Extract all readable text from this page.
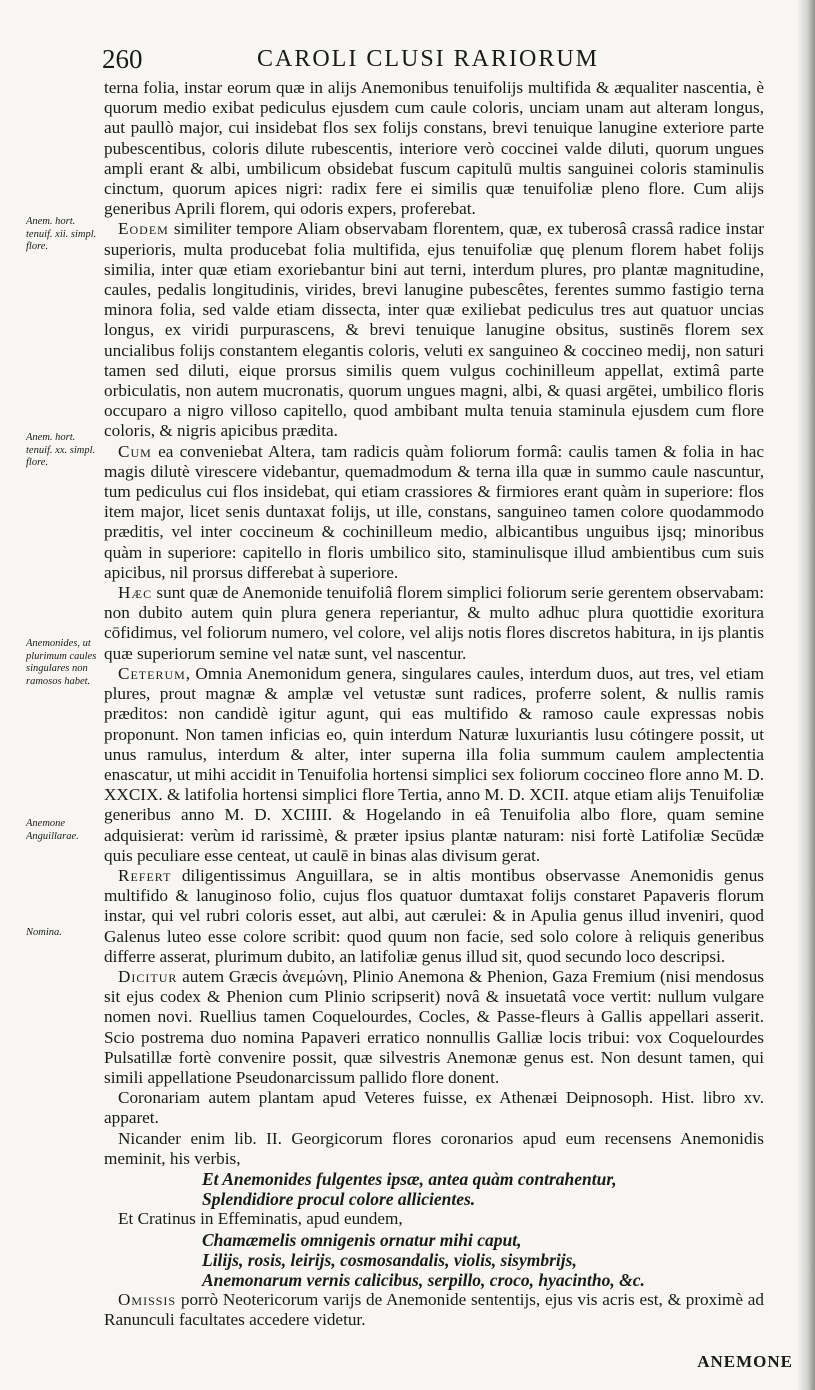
260	CAROLI CLUSI RARIORUM
Anem. hort. tenuif. xii. simpl. flore.
Anem. hort. tenuif. xx. simpl. flore.
Anemonides, ut plurimum caules singulares non ramosos habet.
Anemone Anguillarae.
Nomina.

terna folia, instar eorum quæ in alijs Anemonibus tenuifolijs multifida & æqualiter nascentia, è quorum medio exibat pediculus ejusdem cum caule coloris, unciam unam aut alteram longus, aut paullò major, cui insidebat flos sex folijs constans, brevi tenuique lanugine exteriore parte pubescentibus, coloris dilute rubescentis, interiore verò coccinei valde diluti, quorum ungues ampli erant & albi, umbilicum obsidebat fuscum capitulū multis sanguinei coloris staminulis cinctum, quorum apices nigri: radix fere ei similis quæ tenuifoliæ pleno flore. Cum alijs generibus Aprili florem, qui odoris expers, proferebat.

Eodem similiter tempore Aliam observabam florentem, quæ, ex tuberosâ crassâ radice instar superioris, multa producebat folia multifida, ejus tenuifoliæ quę plenum florem habet folijs similia, inter quæ etiam exoriebantur bini aut terni, interdum plures, pro plantæ magnitudine, caules, pedalis longitudinis, virides, brevi lanugine pubescêtes, ferentes summo fastigio terna minora folia, sed valde etiam dissecta, inter quæ exiliebat pediculus tres aut quatuor uncias longus, ex viridi purpurascens, & brevi tenuique lanugine obsitus, sustinēs florem sex uncialibus folijs constantem elegantis coloris, veluti ex sanguineo & coccineo medij, non saturi tamen sed diluti, eique prorsus similis quem vulgus cochinilleum appellat, extimâ parte orbiculatis, non autem mucronatis, quorum ungues magni, albi, & quasi argētei, umbilico floris occuparo a nigro villoso capitello, quod ambibant multa tenuia staminula ejusdem cum flore coloris, & nigris apicibus prædita.

Cum ea conveniebat Altera, tam radicis quàm foliorum formâ: caulis tamen & folia in hac magis dilutè virescere videbantur, quemadmodum & terna illa quæ in summo caule nascuntur, tum pediculus cui flos insidebat, qui etiam crassiores & firmiores erant quàm in superiore: flos item major, licet senis duntaxat folijs, ut ille, constans, sanguineo tamen colore quodammodo præditis, vel inter coccineum & cochinilleum medio, albicantibus unguibus ijsq; minoribus quàm in superiore: capitello in floris umbilico sito, staminulisque illud ambientibus cum suis apicibus, nil prorsus differebat à superiore.

Hæc sunt quæ de Anemonide tenuifoliâ florem simplici foliorum serie gerentem observabam: non dubito autem quin plura genera reperiantur, & multo adhuc plura quottidie exoritura cōfidimus, vel foliorum numero, vel colore, vel alijs notis flores discretos habitura, in ijs plantis quæ superiorum semine vel natæ sunt, vel nascentur.

Ceterum, Omnia Anemonidum genera, singulares caules, interdum duos, aut tres, vel etiam plures, prout magnæ & amplæ vel vetustæ sunt radices, proferre solent, & nullis ramis præditos: non candidè igitur agunt, qui eas multifido & ramoso caule expressas nobis proponunt. Non tamen inficias eo, quin interdum Naturæ luxuriantis lusu cótingere possit, ut unus ramulus, interdum & alter, inter superna illa folia summum caulem amplectentia enascatur, ut mihi accidit in Tenuifolia hortensi simplici sex foliorum coccineo flore anno M. D. XXCIX. & latifolia hortensi simplici flore Tertia, anno M. D. XCII. atque etiam alijs Tenuifoliæ generibus anno M. D. XCIIII. & Hogelando in eâ Tenuifolia albo flore, quam semine adquisierat: verùm id rarissimè, & præter ipsius plantæ naturam: nisi fortè Latifoliæ Secūdæ quis peculiare esse centeat, ut caulē in binas alas divisum gerat.

Refert diligentissimus Anguillara, se in altis montibus observasse Anemonidis genus multifido & lanuginoso folio, cujus flos quatuor dumtaxat folijs constaret Papaveris florum instar, qui vel rubri coloris esset, aut albi, aut cærulei: & in Apulia genus illud inveniri, quod Galenus luteo esse colore scribit: quod quum non facie, sed solo colore à reliquis generibus differre asserat, plurimum dubito, an latifoliæ genus illud sit, quod secundo loco descripsi.

Dicitur autem Græcis ἀνεμώνη, Plinio Anemona & Phenion, Gaza Fremium (nisi mendosus sit ejus codex & Phenion cum Plinio scripserit) novâ & insuetatâ voce vertit: nullum vulgare nomen novi. Ruellius tamen Coquelourdes, Cocles, & Passe-fleurs à Gallis appellari asserit. Scio postrema duo nomina Papaveri erratico nonnullis Galliæ locis tribui: vox Coquelourdes Pulsatillæ fortè convenire possit, quæ silvestris Anemonæ genus est. Non desunt tamen, qui simili appellatione Pseudonarcissum pallido flore donent.

Coronariam autem plantam apud Veteres fuisse, ex Athenæi Deipnosoph. Hist. libro xv. apparet.

Nicander enim lib. II. Georgicorum flores coronarios apud eum recensens Anemonidis meminit, his verbis,

Et Anemonides fulgentes ipsæ, antea quàm contrahentur,

Splendidiore procul colore allicientes.

Et Cratinus in Effeminatis, apud eundem,

Chamæmelis omnigenis ornatur mihi caput,

Lilijs, rosis, leirijs, cosmosandalis, violis, sisymbrijs,

Anemonarum vernis calicibus, serpillo, croco, hyacintho, &c.

Omissis porrò Neotericorum varijs de Anemonide sententijs, ejus vis acris est, & proximè ad Ranunculi facultates accedere videtur.

ANEMONE
